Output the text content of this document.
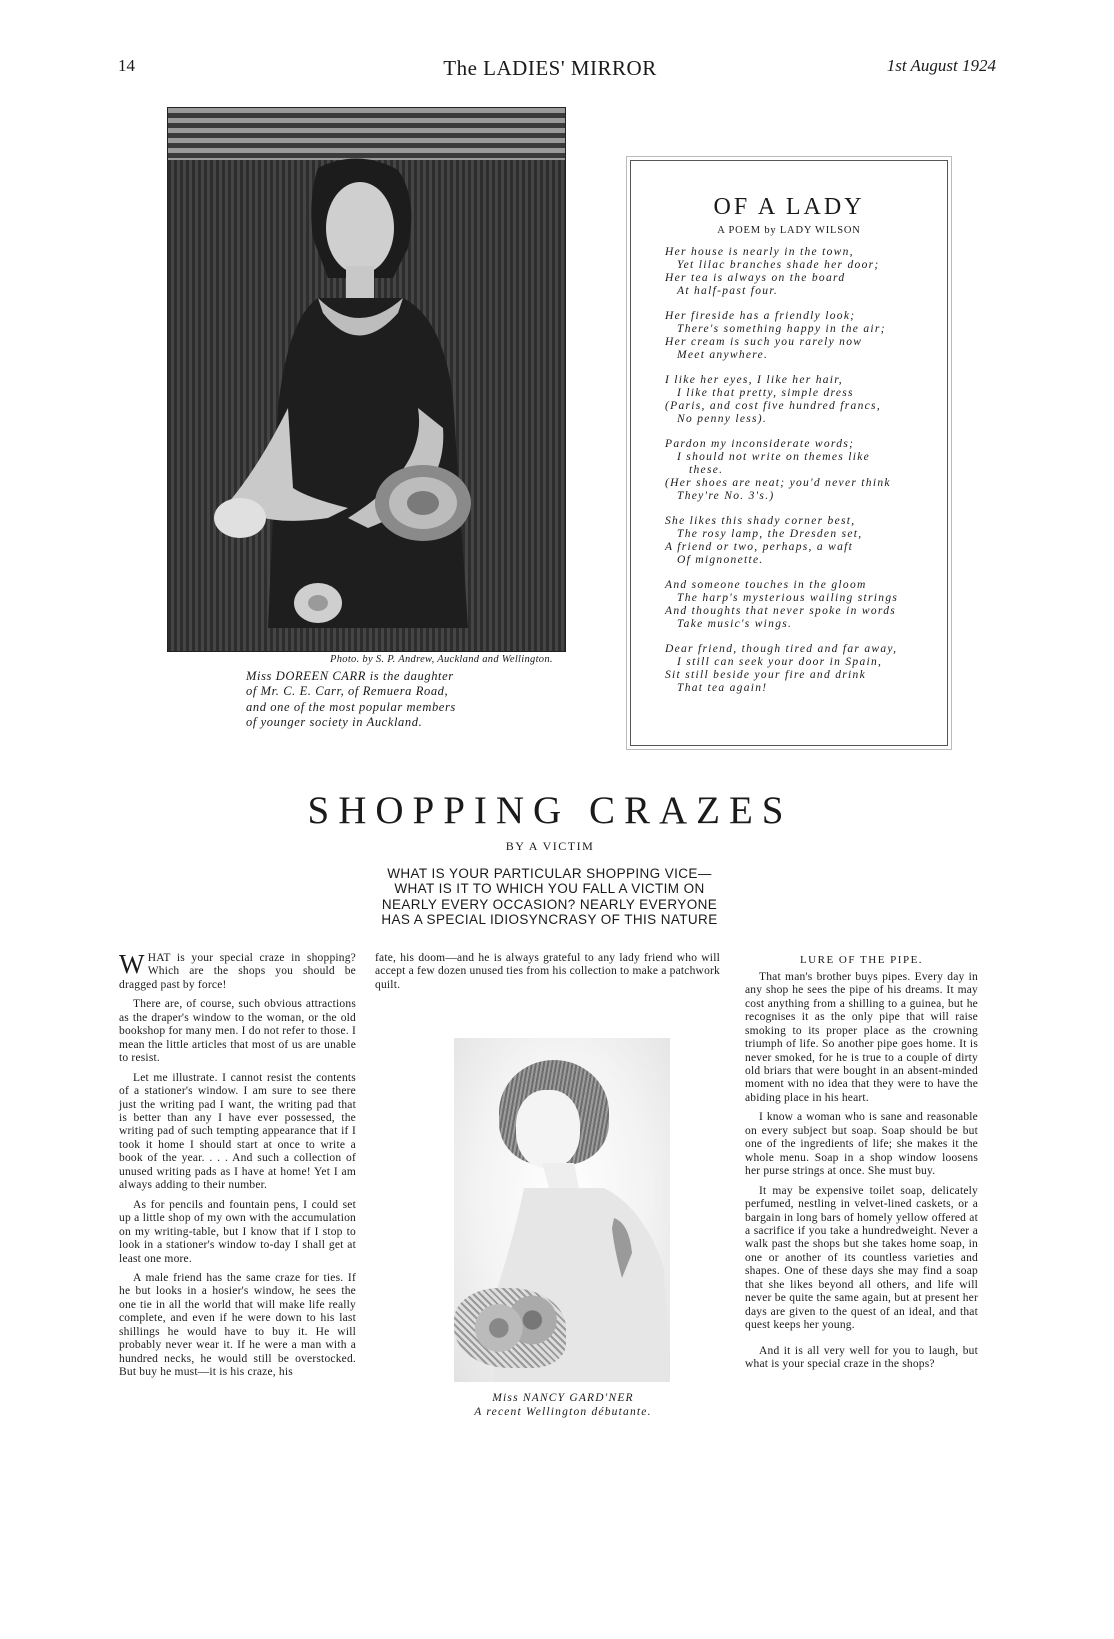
14	The LADIES' MIRROR	1st August 1924
Photo. by S. P. Andrew, Auckland and Wellington.
Miss DOREEN CARR is the daughter
of Mr. C. E. Carr, of Remuera Road,
and one of the most popular members
of younger society in Auckland.
OF A LADY
A POEM by LADY WILSON
Her house is nearly in the town,
Yet lilac branches shade her door;
Her tea is always on the board
At half-past four.
Her fireside has a friendly look;
There's something happy in the air;
Her cream is such you rarely now
Meet anywhere.
I like her eyes, I like her hair,
I like that pretty, simple dress
(Paris, and cost five hundred francs,
No penny less).
Pardon my inconsiderate words;
I should not write on themes like
these.
(Her shoes are neat; you'd never think
They're No. 3's.)
She likes this shady corner best,
The rosy lamp, the Dresden set,
A friend or two, perhaps, a waft
Of mignonette.
And someone touches in the gloom
The harp's mysterious wailing strings
And thoughts that never spoke in words
Take music's wings.
Dear friend, though tired and far away,
I still can seek your door in Spain,
Sit still beside your fire and drink
That tea again!
SHOPPING CRAZES
BY A VICTIM
WHAT IS YOUR PARTICULAR SHOPPING VICE—WHAT IS IT TO WHICH YOU FALL A VICTIM ON NEARLY EVERY OCCASION? NEARLY EVERYONE HAS A SPECIAL IDIOSYNCRASY OF THIS NATURE

WHAT is your special craze in shopping? Which are the shops you should be dragged past by force!

There are, of course, such obvious attractions as the draper's window to the woman, or the old bookshop for many men. I do not refer to those. I mean the little articles that most of us are unable to resist.

Let me illustrate. I cannot resist the contents of a stationer's window. I am sure to see there just the writing pad I want, the writing pad that is better than any I have ever possessed, the writing pad of such tempting appearance that if I took it home I should start at once to write a book of the year. . . . And such a collection of unused writing pads as I have at home! Yet I am always adding to their number.

As for pencils and fountain pens, I could set up a little shop of my own with the accumulation on my writing-table, but I know that if I stop to look in a stationer's window to-day I shall get at least one more.

A male friend has the same craze for ties. If he but looks in a hosier's window, he sees the one tie in all the world that will make life really complete, and even if he were down to his last shillings he would have to buy it. He will probably never wear it. If he were a man with a hundred necks, he would still be overstocked. But buy he must—it is his craze, his

fate, his doom—and he is always grateful to any lady friend who will accept a few dozen unused ties from his collection to make a patchwork quilt.

Miss NANCY GARD'NER
A recent Wellington débutante.
LURE OF THE PIPE.

That man's brother buys pipes. Every day in any shop he sees the pipe of his dreams. It may cost anything from a shilling to a guinea, but he recognises it as the only pipe that will raise smoking to its proper place as the crowning triumph of life. So another pipe goes home. It is never smoked, for he is true to a couple of dirty old briars that were bought in an absent-minded moment with no idea that they were to have the abiding place in his heart.

I know a woman who is sane and reasonable on every subject but soap. Soap should be but one of the ingredients of life; she makes it the whole menu. Soap in a shop window loosens her purse strings at once. She must buy.

It may be expensive toilet soap, delicately perfumed, nestling in velvet-lined caskets, or a bargain in long bars of homely yellow offered at a sacrifice if you take a hundredweight. Never a walk past the shops but she takes home soap, in one or another of its countless varieties and shapes. One of these days she may find a soap that she likes beyond all others, and life will never be quite the same again, but at present her days are given to the quest of an ideal, and that quest keeps her young.

And it is all very well for you to laugh, but what is your special craze in the shops?
